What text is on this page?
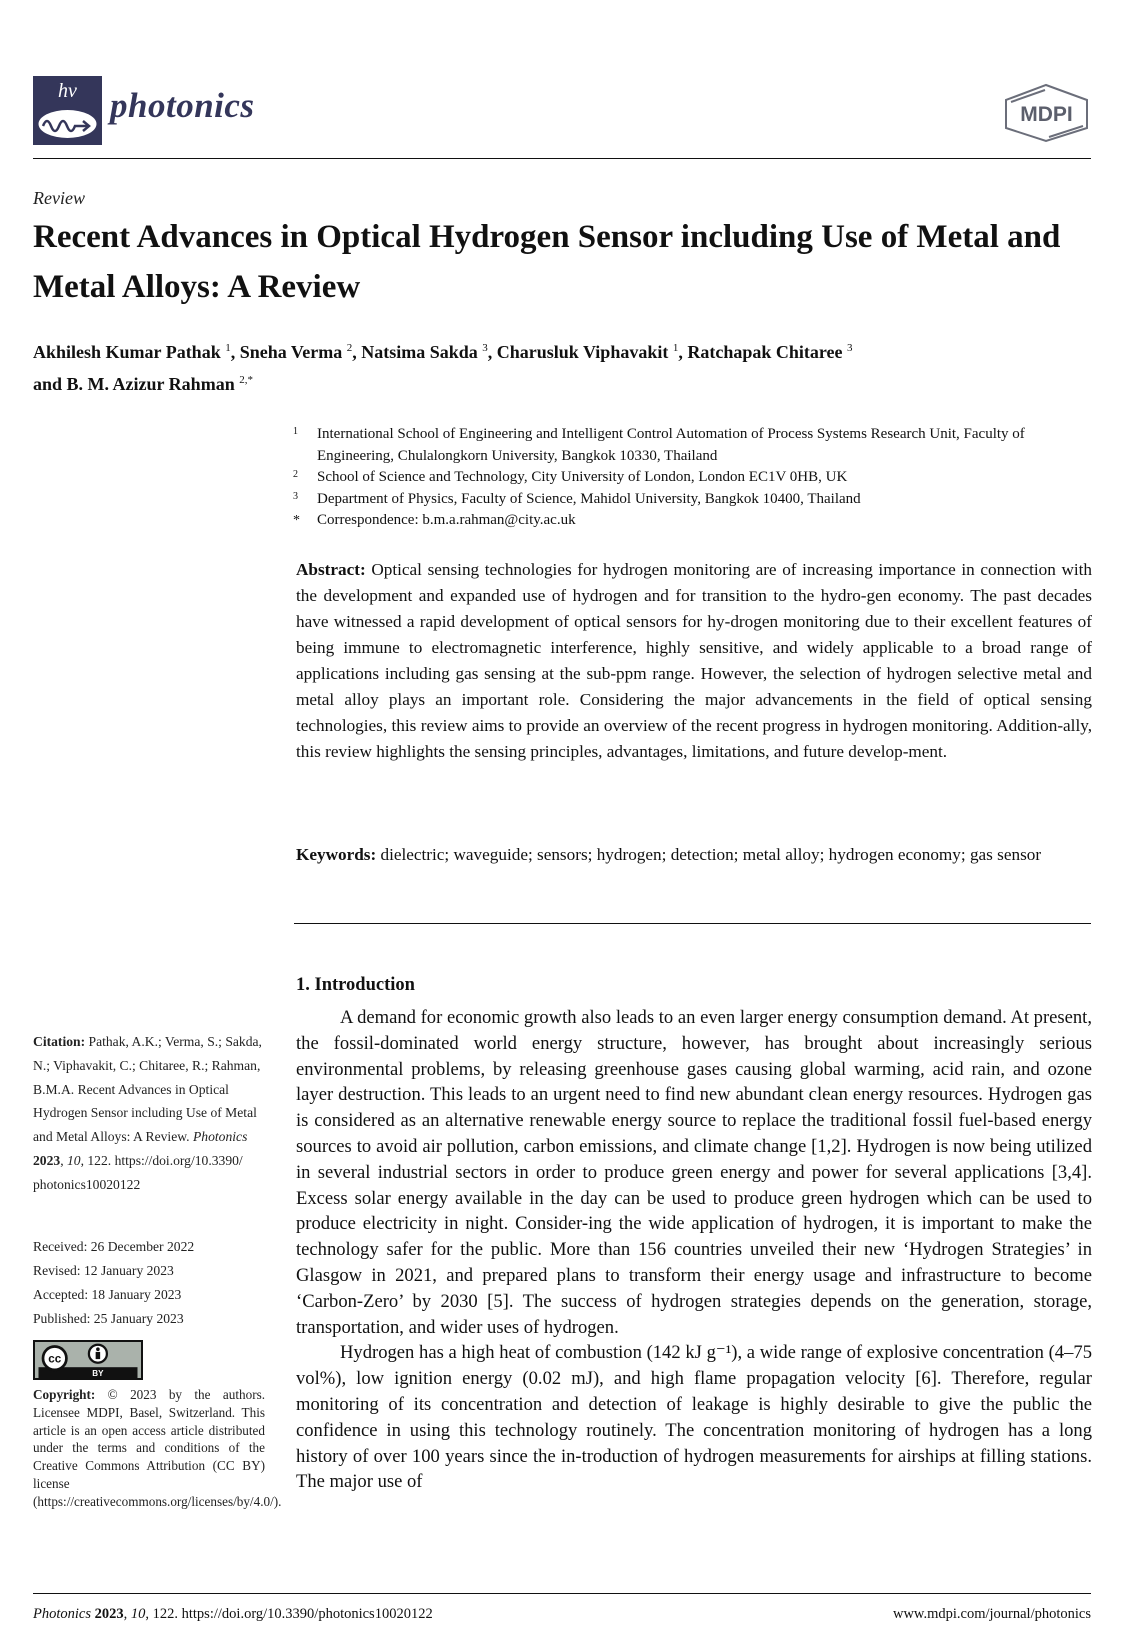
hv photonics	MDPI
Review
Recent Advances in Optical Hydrogen Sensor including Use of Metal and Metal Alloys: A Review
Akhilesh Kumar Pathak $^1$, Sneha Verma $^2$, Natsima Sakda $^3$, Charusluk Viphavakit $^1$, Ratchapak Chitaree $^3$
and B. M. Azizur Rahman $^{2,*}$
1 International School of Engineering and Intelligent Control Automation of Process Systems Research Unit, Faculty of Engineering, Chulalongkorn University, Bangkok 10330, Thailand
2 School of Science and Technology, City University of London, London EC1V 0HB, UK
3 Department of Physics, Faculty of Science, Mahidol University, Bangkok 10400, Thailand
* Correspondence: b.m.a.rahman@city.ac.uk
Abstract: Optical sensing technologies for hydrogen monitoring are of increasing importance in connection with the development and expanded use of hydrogen and for transition to the hydro-gen economy. The past decades have witnessed a rapid development of optical sensors for hy-drogen monitoring due to their excellent features of being immune to electromagnetic interference, highly sensitive, and widely applicable to a broad range of applications including gas sensing at the sub-ppm range. However, the selection of hydrogen selective metal and metal alloy plays an important role. Considering the major advancements in the field of optical sensing technologies, this review aims to provide an overview of the recent progress in hydrogen monitoring. Addition-ally, this review highlights the sensing principles, advantages, limitations, and future develop-ment.
Keywords: dielectric; waveguide; sensors; hydrogen; detection; metal alloy; hydrogen economy; gas sensor
1. Introduction

A demand for economic growth also leads to an even larger energy consumption demand. At present, the fossil-dominated world energy structure, however, has brought about increasingly serious environmental problems, by releasing greenhouse gases causing global warming, acid rain, and ozone layer destruction. This leads to an urgent need to find new abundant clean energy resources. Hydrogen gas is considered as an alternative renewable energy source to replace the traditional fossil fuel-based energy sources to avoid air pollution, carbon emissions, and climate change [1,2]. Hydrogen is now being utilized in several industrial sectors in order to produce green energy and power for several applications [3,4]. Excess solar energy available in the day can be used to produce green hydrogen which can be used to produce electricity in night. Consider-ing the wide application of hydrogen, it is important to make the technology safer for the public. More than 156 countries unveiled their new ‘Hydrogen Strategies’ in Glasgow in 2021, and prepared plans to transform their energy usage and infrastructure to become ‘Carbon-Zero’ by 2030 [5]. The success of hydrogen strategies depends on the generation, storage, transportation, and wider uses of hydrogen.

Hydrogen has a high heat of combustion (142 kJ g⁻¹), a wide range of explosive concentration (4–75 vol%), low ignition energy (0.02 mJ), and high flame propagation velocity [6]. Therefore, regular monitoring of its concentration and detection of leakage is highly desirable to give the public the confidence in using this technology routinely. The concentration monitoring of hydrogen has a long history of over 100 years since the in-troduction of hydrogen measurements for airships at filling stations. The major use of

Citation: Pathak, A.K.; Verma, S.; Sakda, N.; Viphavakit, C.; Chitaree, R.; Rahman, B.M.A. Recent Advances in Optical Hydrogen Sensor including Use of Metal and Metal Alloys: A Review. Photonics 2023, 10, 122. https://doi.org/10.3390/ photonics10020122
Received: 26 December 2022
Revised: 12 January 2023
Accepted: 18 January 2023
Published: 25 January 2023
cc
BY
Copyright: © 2023 by the authors. Licensee MDPI, Basel, Switzerland. This article is an open access article distributed under the terms and conditions of the Creative Commons Attribution (CC BY) license (https://creativecommons.org/licenses/by/4.0/).
Photonics 2023, 10, 122. https://doi.org/10.3390/photonics10020122	www.mdpi.com/journal/photonics
